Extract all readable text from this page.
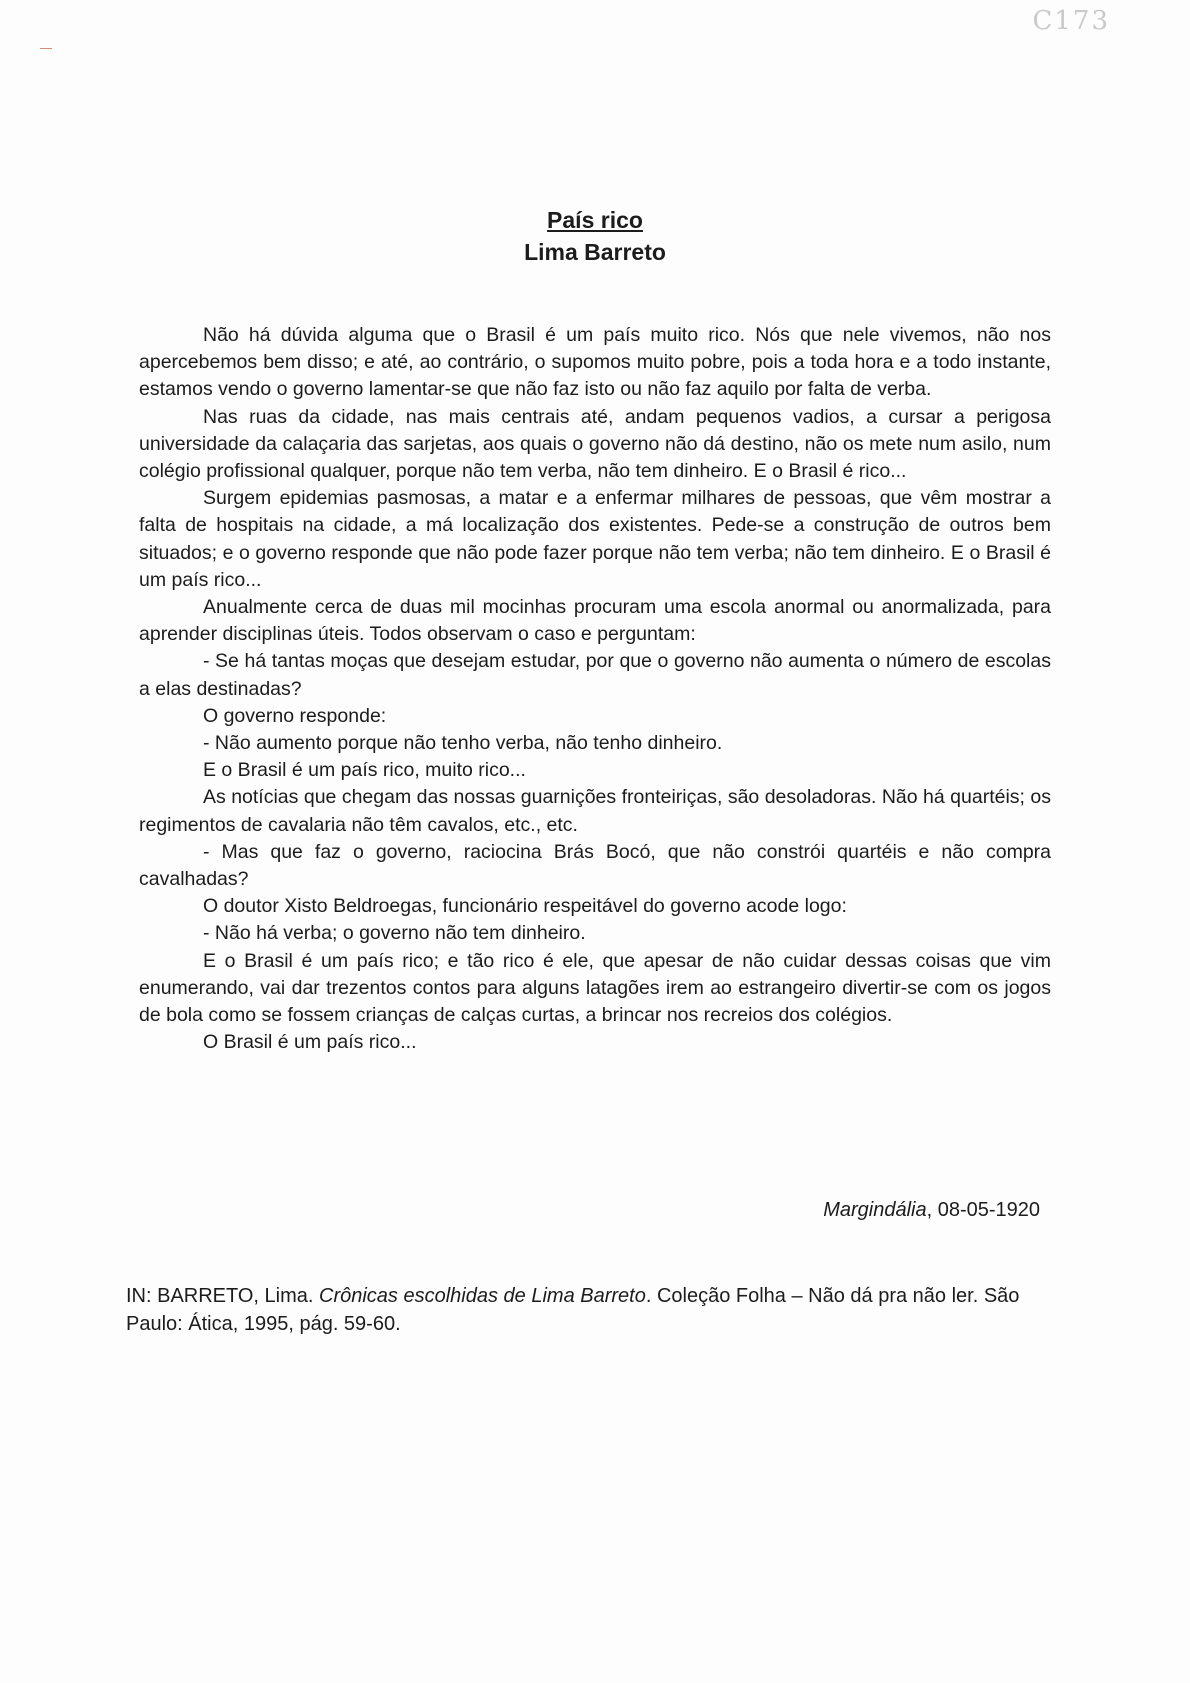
C173

País rico

Lima Barreto

Não há dúvida alguma que o Brasil é um país muito rico. Nós que nele vivemos, não nos apercebemos bem disso; e até, ao contrário, o supomos muito pobre, pois a toda hora e a todo instante, estamos vendo o governo lamentar-se que não faz isto ou não faz aquilo por falta de verba.

Nas ruas da cidade, nas mais centrais até, andam pequenos vadios, a cursar a perigosa universidade da calaçaria das sarjetas, aos quais o governo não dá destino, não os mete num asilo, num colégio profissional qualquer, porque não tem verba, não tem dinheiro. E o Brasil é rico...

Surgem epidemias pasmosas, a matar e a enfermar milhares de pessoas, que vêm mostrar a falta de hospitais na cidade, a má localização dos existentes. Pede-se a construção de outros bem situados; e o governo responde que não pode fazer porque não tem verba; não tem dinheiro. E o Brasil é um país rico...

Anualmente cerca de duas mil mocinhas procuram uma escola anormal ou anormalizada, para aprender disciplinas úteis. Todos observam o caso e perguntam:

- Se há tantas moças que desejam estudar, por que o governo não aumenta o número de escolas a elas destinadas?

O governo responde:

- Não aumento porque não tenho verba, não tenho dinheiro.

E o Brasil é um país rico, muito rico...

As notícias que chegam das nossas guarnições fronteiriças, são desoladoras. Não há quartéis; os regimentos de cavalaria não têm cavalos, etc., etc.

- Mas que faz o governo, raciocina Brás Bocó, que não constrói quartéis e não compra cavalhadas?

O doutor Xisto Beldroegas, funcionário respeitável do governo acode logo:

- Não há verba; o governo não tem dinheiro.

E o Brasil é um país rico; e tão rico é ele, que apesar de não cuidar dessas coisas que vim enumerando, vai dar trezentos contos para alguns latagões irem ao estrangeiro divertir-se com os jogos de bola como se fossem crianças de calças curtas, a brincar nos recreios dos colégios.

O Brasil é um país rico...

Margindália, 08-05-1920
IN: BARRETO, Lima. Crônicas escolhidas de Lima Barreto. Coleção Folha – Não dá pra não ler. São Paulo: Ática, 1995, pág. 59-60.
